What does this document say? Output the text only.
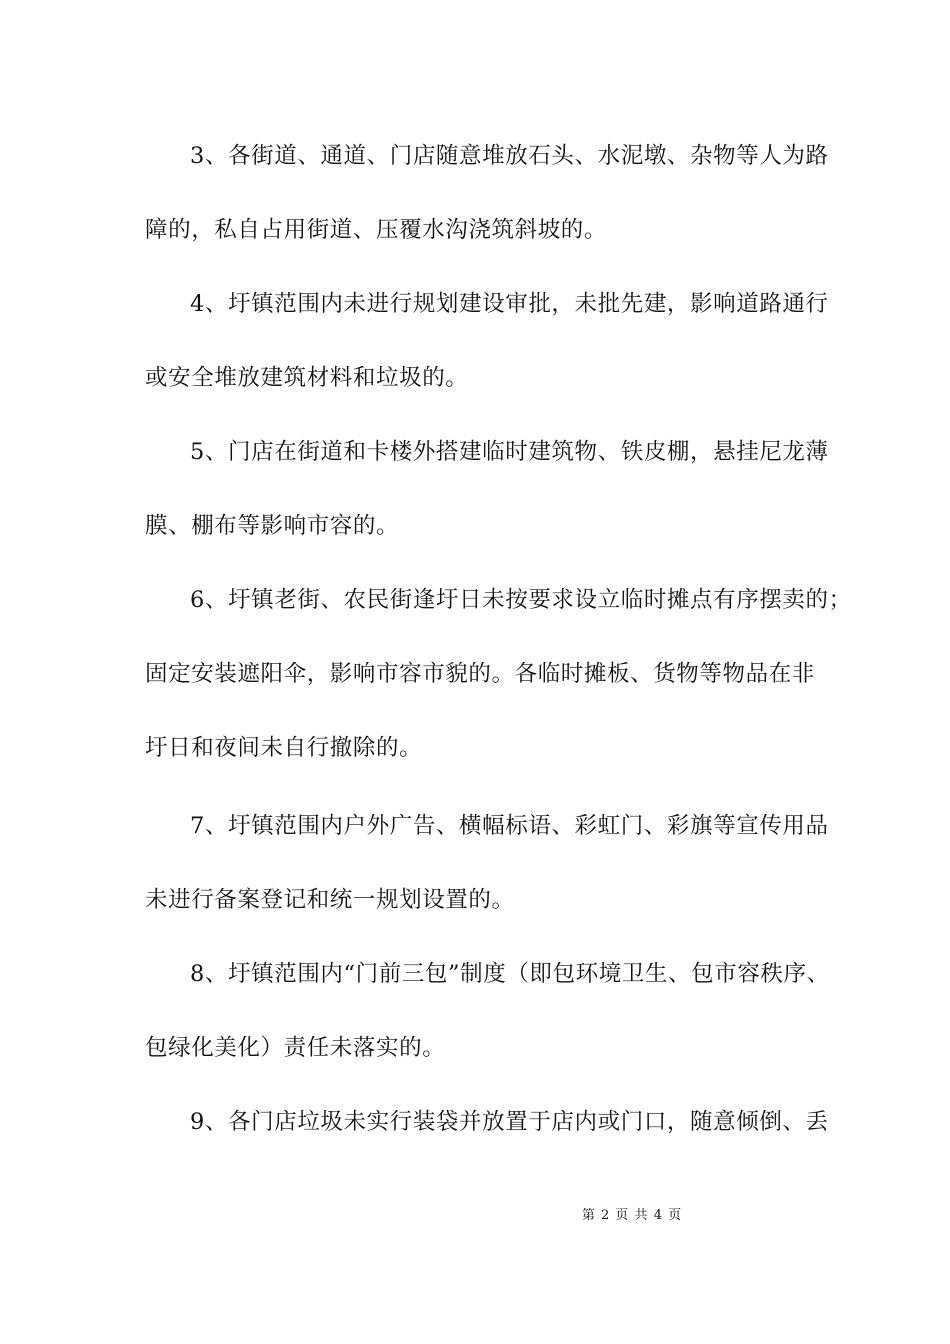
3、各街道、通道、门店随意堆放石头、水泥墩、杂物等人为路
障的，私自占用街道、压覆水沟浇筑斜坡的。
4、圩镇范围内未进行规划建设审批，未批先建，影响道路通行
或安全堆放建筑材料和垃圾的。
5、门店在街道和卡楼外搭建临时建筑物、铁皮棚，悬挂尼龙薄
膜、棚布等影响市容的。
6、圩镇老街、农民街逢圩日未按要求设立临时摊点有序摆卖的；
固定安装遮阳伞，影响市容市貌的。各临时摊板、货物等物品在非
圩日和夜间未自行撤除的。
7、圩镇范围内户外广告、横幅标语、彩虹门、彩旗等宣传用品
未进行备案登记和统一规划设置的。
8、圩镇范围内“门前三包”制度（即包环境卫生、包市容秩序、
包绿化美化）责任未落实的。
9、各门店垃圾未实行装袋并放置于店内或门口，随意倾倒、丢
第 2 页 共 4 页
